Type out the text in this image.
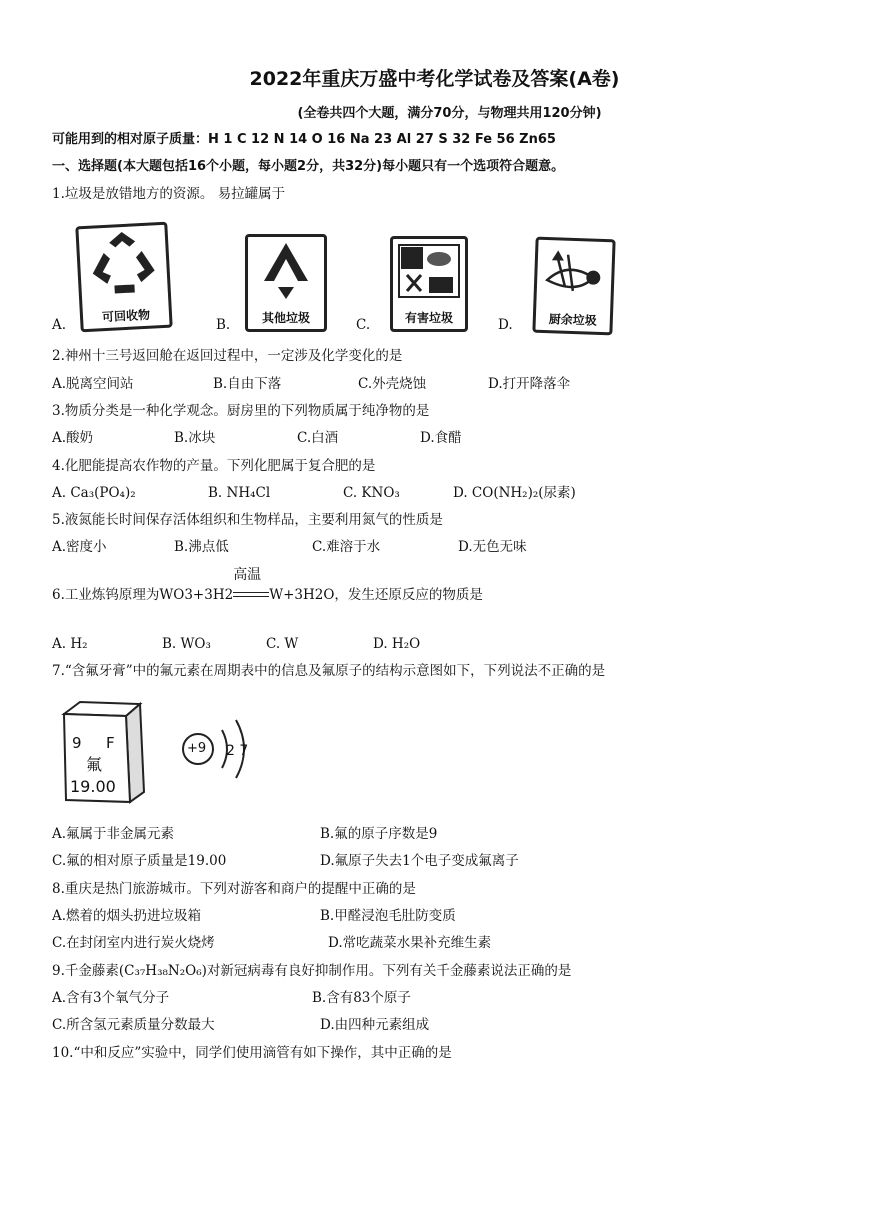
2022年重庆万盛中考化学试卷及答案(A卷)
(全卷共四个大题，满分70分，与物理共用120分钟)
可能用到的相对原子质量：H 1 C 12 N 14 O 16 Na 23 Al 27 S 32 Fe 56 Zn65
一、选择题(本大题包括16个小题，每小题2分，共32分)每小题只有一个选项符合题意。
1.垃圾是放错地方的资源。 易拉罐属于
A.
可回收物
B.	其他垃圾	C.	有害垃圾	D.	厨余垃圾
2.神州十三号返回舱在返回过程中，一定涉及化学变化的是
A.脱离空间站	B.自由下落	C.外壳烧蚀	D.打开降落伞
3.物质分类是一种化学观念。厨房里的下列物质属于纯净物的是
A.酸奶	B.冰块	C.白酒	D.食醋
4.化肥能提高农作物的产量。下列化肥属于复合肥的是
A. Ca₃(PO₄)₂	B. NH₄Cl	C. KNO₃	D. CO(NH₂)₂(尿素)
5.液氮能长时间保存活体组织和生物样品，主要利用氮气的性质是
A.密度小	B.沸点低	C.难溶于水	D.无色无味
6.工业炼钨原理为WO3+3H2
高温
W+3H2O，发生还原反应的物质是
A. H₂	B. WO₃	C. W	D. H₂O
7.“含氟牙膏”中的氟元素在周期表中的信息及氟原子的结构示意图如下，下列说法不正确的是
9 F
氟
19.00
+9 2 7
A.氟属于非金属元素	B.氟的原子序数是9
C.氟的相对原子质量是19.00	D.氟原子失去1个电子变成氟离子
8.重庆是热门旅游城市。下列对游客和商户的提醒中正确的是
A.燃着的烟头扔进垃圾箱	B.甲醛浸泡毛肚防变质
C.在封闭室内进行炭火烧烤	D.常吃蔬菜水果补充维生素
9.千金藤素(C₃₇H₃₈N₂O₆)对新冠病毒有良好抑制作用。下列有关千金藤素说法正确的是
A.含有3个氧气分子	B.含有83个原子
C.所含氢元素质量分数最大	D.由四种元素组成
10.“中和反应”实验中，同学们使用滴管有如下操作，其中正确的是
